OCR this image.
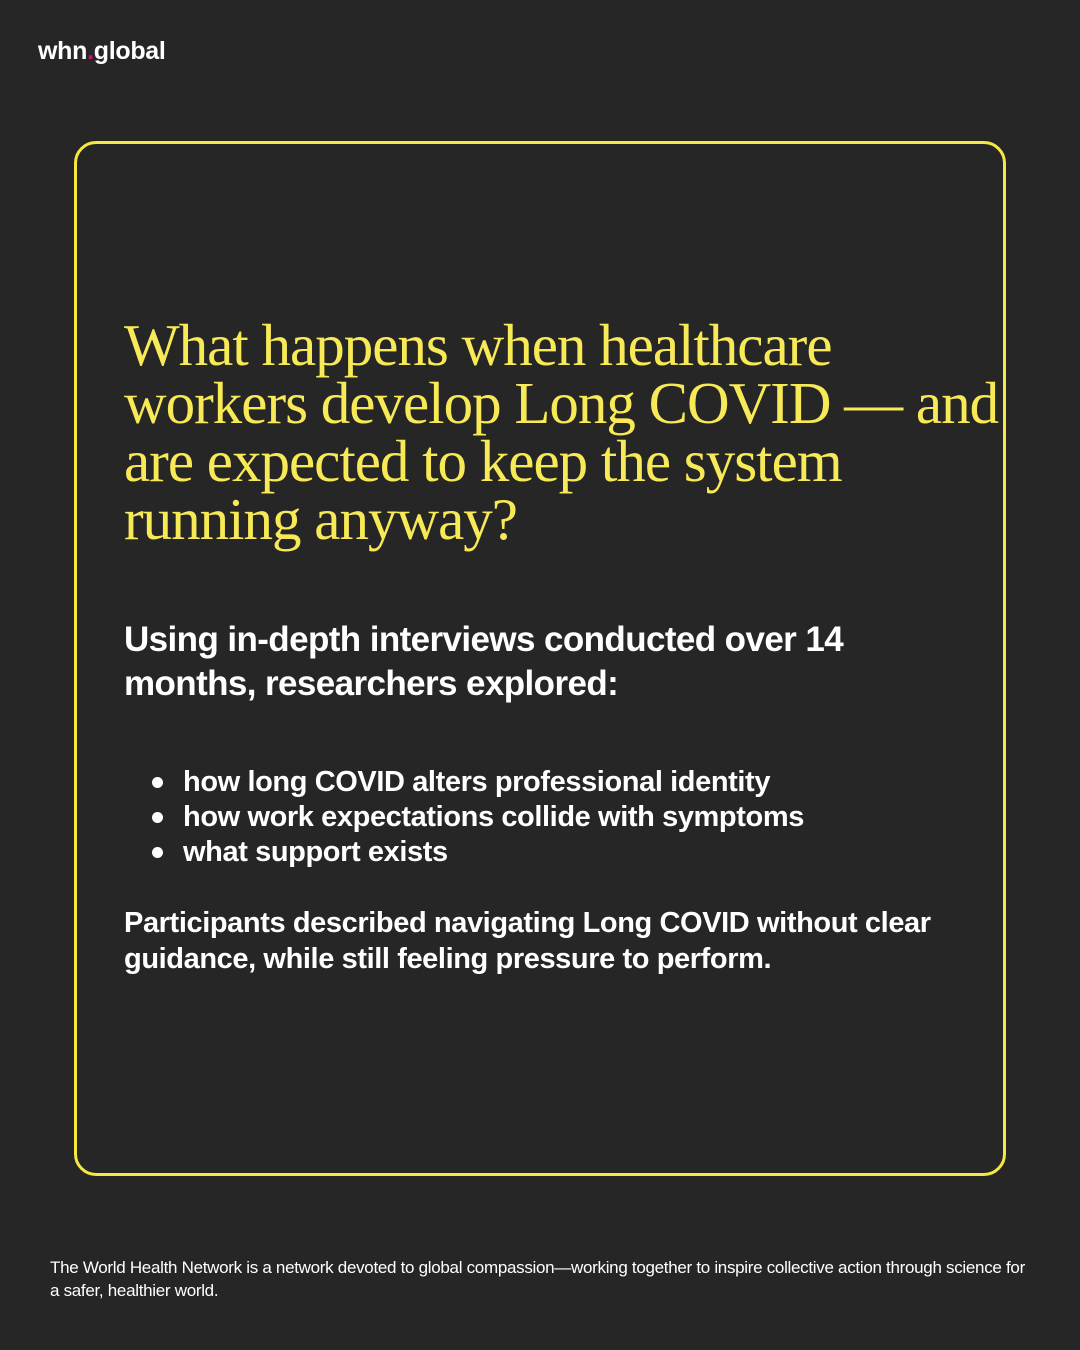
whn.global
What happens when healthcare workers develop Long COVID — and are expected to keep the system running anyway?

Using in-depth interviews conducted over 14 months, researchers explored:

how long COVID alters professional identity
how work expectations collide with symptoms
what support exists

Participants described navigating Long COVID without clear guidance, while still feeling pressure to perform.

The World Health Network is a network devoted to global compassion—working together to inspire collective action through science for a safer, healthier world.
